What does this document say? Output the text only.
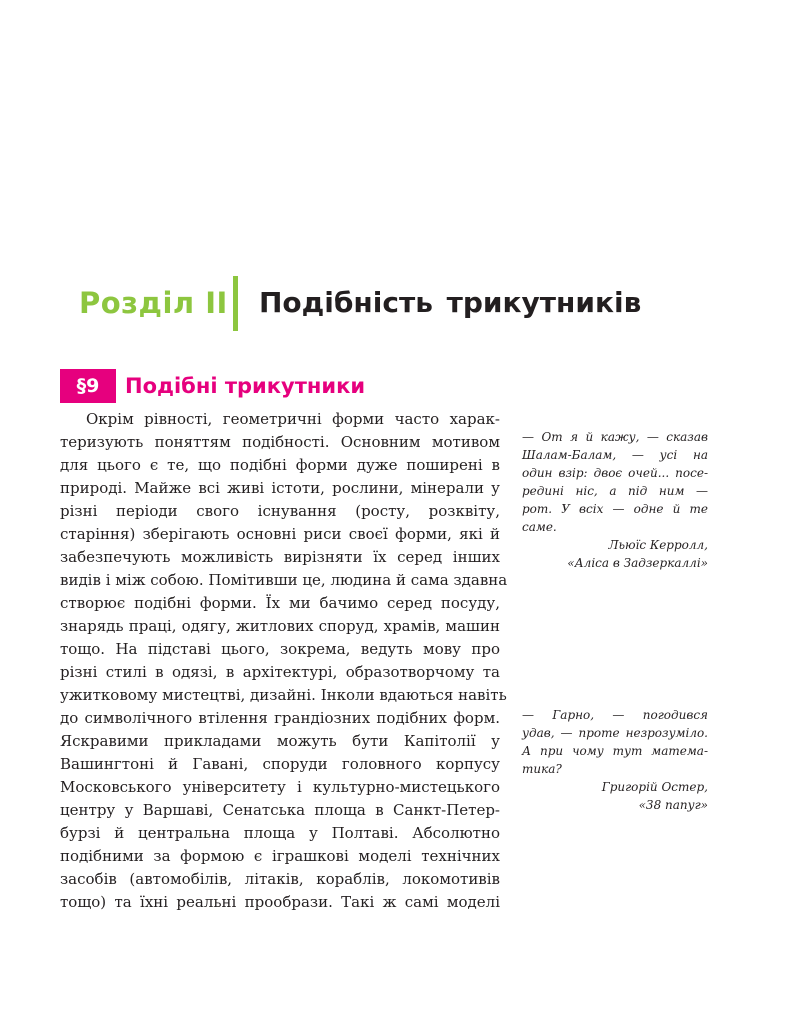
Розділ II Подібність трикутників
§9	Подібні трикутники
Окрім рівності, геометричні форми часто харак-
теризують поняттям подібності. Основним мотивом
для цього є те, що подібні форми дуже поширені в
природі. Майже всі живі істоти, рослини, мінерали у
різні періоди свого існування (росту, розквіту,
старіння) зберігають основні риси своєї форми, які й
забезпечують можливість вирізняти їх серед інших
видів і між собою. Помітивши це, людина й сама здавна
створює подібні форми. Їх ми бачимо серед посуду,
знарядь праці, одягу, житлових споруд, храмів, машин
тощо. На підставі цього, зокрема, ведуть мову про
різні стилі в одязі, в архітектурі, образотворчому та
ужитковому мистецтві, дизайні. Інколи вдаються навіть
до символічного втілення грандіозних подібних форм.
Яскравими прикладами можуть бути Капітолії у
Вашингтоні й Гавані, споруди головного корпусу
Московського університету і культурно-мистецького
центру у Варшаві, Сенатська площа в Санкт-Петер-
бурзі й центральна площа у Полтаві. Абсолютно
подібними за формою є іграшкові моделі технічних
засобів (автомобілів, літаків, кораблів, локомотивів
тощо) та їхні реальні прообрази. Такі ж самі моделі
— От я й кажу, — сказав
Шалам-Балам, — усі на
один взір: двоє очей... посе-
редині ніс, а під ним —
рот. У всіх — одне й те
саме.
Льюїс Керролл,
«Аліса в Задзеркаллі»
— Гарно, — погодився
удав, — проте незрозуміло.
А при чому тут матема-
тика?
Григорій Остер,
«38 папуг»
